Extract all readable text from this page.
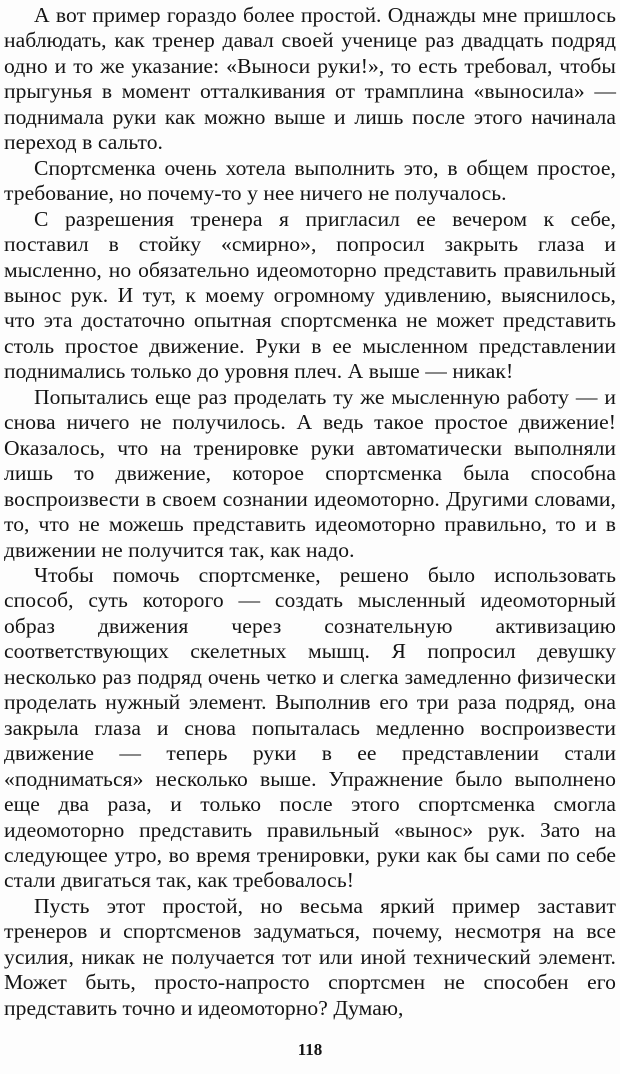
А вот пример гораздо более простой. Однажды мне пришлось наблюдать, как тренер давал своей ученице раз двадцать подряд одно и то же указание: «Выноси руки!», то есть требовал, чтобы прыгунья в момент отталкивания от трамплина «выносила» — поднимала руки как можно выше и лишь после этого начинала переход в сальто.

Спортсменка очень хотела выполнить это, в общем простое, требование, но почему-то у нее ничего не получалось.

С разрешения тренера я пригласил ее вечером к себе, поставил в стойку «смирно», попросил закрыть глаза и мысленно, но обязательно идеомоторно представить правильный вынос рук. И тут, к моему огромному удивлению, выяснилось, что эта достаточно опытная спортсменка не может представить столь простое движение. Руки в ее мысленном представлении поднимались только до уровня плеч. А выше — никак!

Попытались еще раз проделать ту же мысленную работу — и снова ничего не получилось. А ведь такое простое движение! Оказалось, что на тренировке руки автоматически выполняли лишь то движение, которое спортсменка была способна воспроизвести в своем сознании идеомоторно. Другими словами, то, что не можешь представить идеомоторно правильно, то и в движении не получится так, как надо.

Чтобы помочь спортсменке, решено было использовать способ, суть которого — создать мысленный идеомоторный образ движения через сознательную активизацию соответствующих скелетных мышц. Я попросил девушку несколько раз подряд очень четко и слегка замедленно физически проделать нужный элемент. Выполнив его три раза подряд, она закрыла глаза и снова попыталась медленно воспроизвести движение — теперь руки в ее представлении стали «подниматься» несколько выше. Упражнение было выполнено еще два раза, и только после этого спортсменка смогла идеомоторно представить правильный «вынос» рук. Зато на следующее утро, во время тренировки, руки как бы сами по себе стали двигаться так, как требовалось!

Пусть этот простой, но весьма яркий пример заставит тренеров и спортсменов задуматься, почему, несмотря на все усилия, никак не получается тот или иной технический элемент. Может быть, просто-напросто спортсмен не способен его представить точно и идеомоторно? Думаю,

118
